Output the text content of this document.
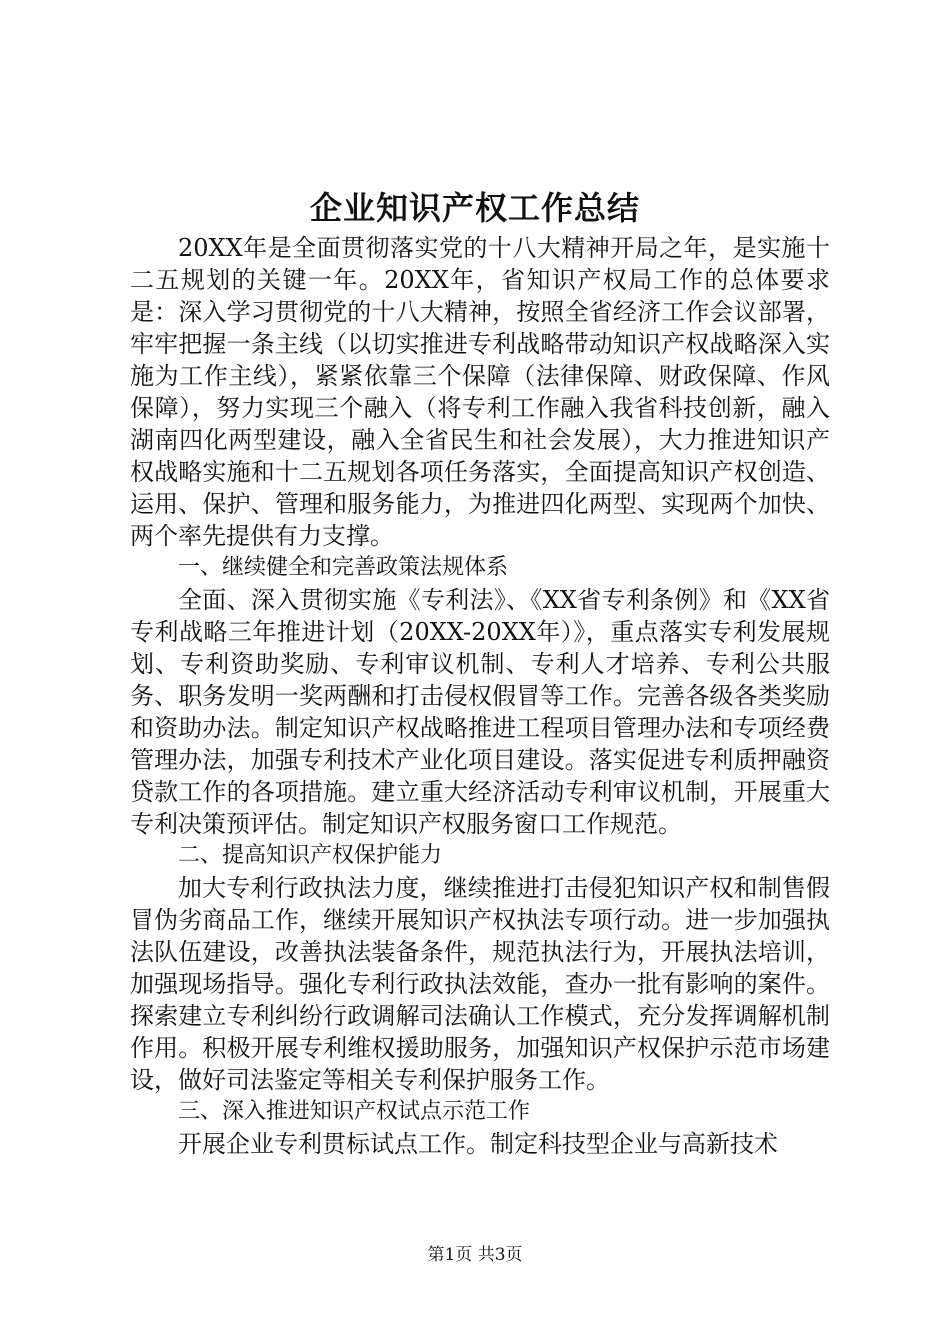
企业知识产权工作总结

20XX年是全面贯彻落实党的十八大精神开局之年，是实施十二五规划的关键一年。20XX年，省知识产权局工作的总体要求是：深入学习贯彻党的十八大精神，按照全省经济工作会议部署，牢牢把握一条主线（以切实推进专利战略带动知识产权战略深入实施为工作主线），紧紧依靠三个保障（法律保障、财政保障、作风保障），努力实现三个融入（将专利工作融入我省科技创新，融入湖南四化两型建设，融入全省民生和社会发展），大力推进知识产权战略实施和十二五规划各项任务落实，全面提高知识产权创造、运用、保护、管理和服务能力，为推进四化两型、实现两个加快、两个率先提供有力支撑。

一、继续健全和完善政策法规体系

全面、深入贯彻实施《专利法》、《XX省专利条例》和《XX省专利战略三年推进计划（20XX-20XX年）》，重点落实专利发展规划、专利资助奖励、专利审议机制、专利人才培养、专利公共服务、职务发明一奖两酬和打击侵权假冒等工作。完善各级各类奖励和资助办法。制定知识产权战略推进工程项目管理办法和专项经费管理办法，加强专利技术产业化项目建设。落实促进专利质押融资贷款工作的各项措施。建立重大经济活动专利审议机制，开展重大专利决策预评估。制定知识产权服务窗口工作规范。

二、提高知识产权保护能力

加大专利行政执法力度，继续推进打击侵犯知识产权和制售假冒伪劣商品工作，继续开展知识产权执法专项行动。进一步加强执法队伍建设，改善执法装备条件，规范执法行为，开展执法培训，加强现场指导。强化专利行政执法效能，查办一批有影响的案件。探索建立专利纠纷行政调解司法确认工作模式，充分发挥调解机制作用。积极开展专利维权援助服务，加强知识产权保护示范市场建设，做好司法鉴定等相关专利保护服务工作。

三、深入推进知识产权试点示范工作

开展企业专利贯标试点工作。制定科技型企业与高新技术

第1页 共3页
